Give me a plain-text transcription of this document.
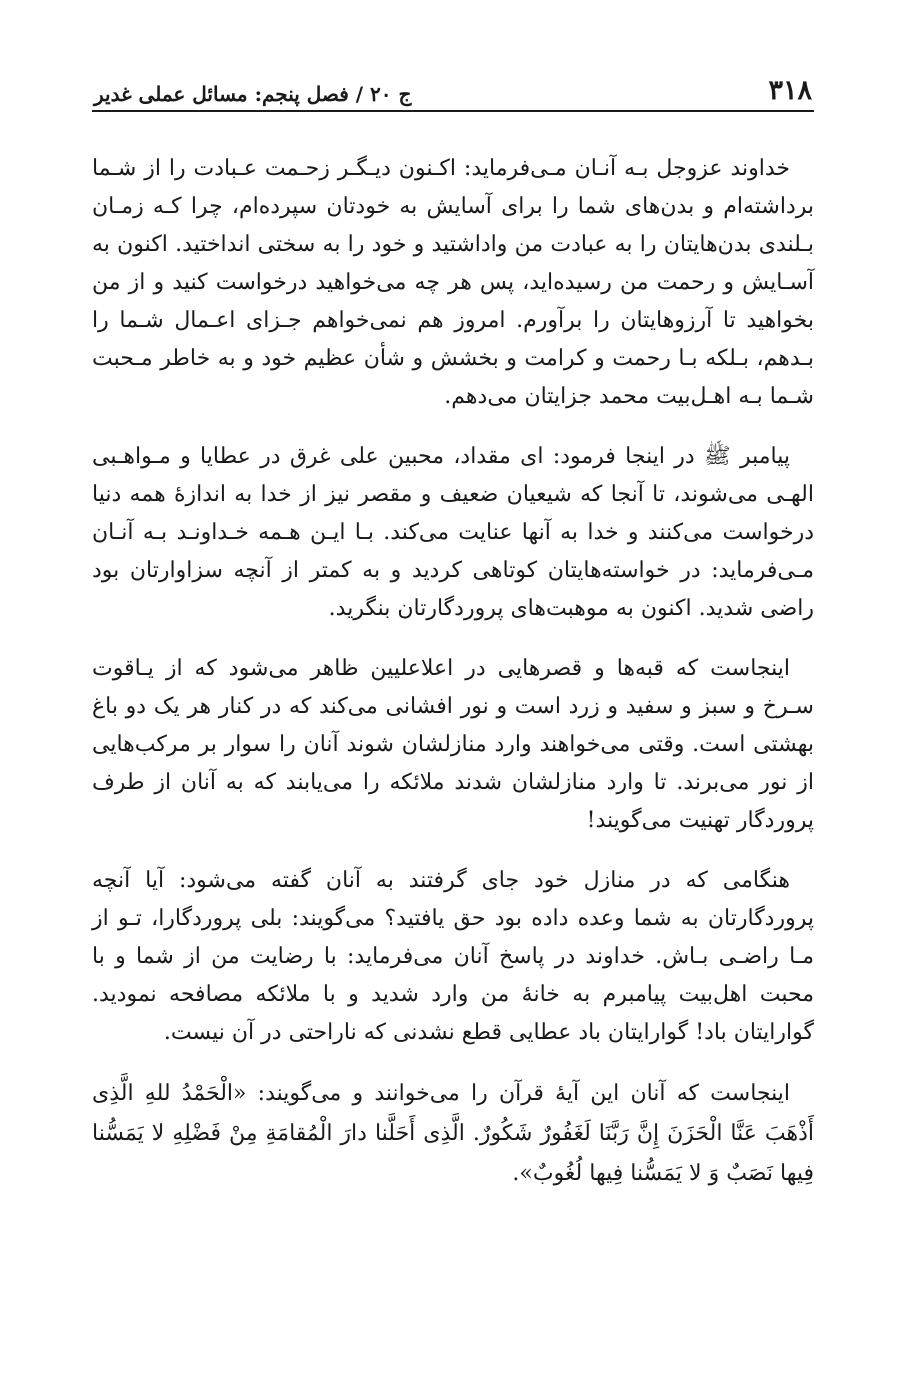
۳۱۸
ج ۲۰ / فصل پنجم: مسائل عملی غدیر

خداوند عزوجل بـه آنـان مـی‌فرماید: اکـنون دیـگـر زحـمت عـبادت را از شـما برداشته‌ام و بدن‌های شما را برای آسایش به خودتان سپرده‌ام، چرا کـه زمـان بـلندی بدن‌هایتان را به عبادت من واداشتید و خود را به سختی انداختید. اکنون به آسـایش و رحمت من رسیده‌اید، پس هر چه می‌خواهید درخواست کنید و از من بخواهید تا آرزوهایتان را برآورم. امروز هم نمی‌خواهم جـزای اعـمال شـما را بـدهم، بـلکه بـا رحمت و کرامت و بخشش و شأن عظیم خود و به خاطر مـحبت شـما بـه اهـل‌بیت محمد جزایتان می‌دهم.

پیامبر ﷺ در اینجا فرمود: ای مقداد، محبین علی غرق در عطایا و مـواهـبی الهـی می‌شوند، تا آنجا که شیعیان ضعیف و مقصر نیز از خدا به اندازۀ همه دنیا درخواست می‌کنند و خدا به آنها عنایت می‌کند. بـا ایـن هـمه خـداونـد بـه آنـان مـی‌فرماید: در خواسته‌هایتان کوتاهی کردید و به کمتر از آنچه سزاوارتان بود راضی شدید. اکنون به موهبت‌های پروردگارتان بنگرید.

اینجاست که قبه‌ها و قصرهایی در اعلاعلیین ظاهر می‌شود که از یـاقوت سـرخ و سبز و سفید و زرد است و نور افشانی می‌کند که در کنار هر یک دو باغ بهشتی است. وقتی می‌خواهند وارد منازلشان شوند آنان را سوار بر مرکب‌هایی از نور می‌برند. تا وارد منازلشان شدند ملائکه را می‌یابند که به آنان از طرف پروردگار تهنیت می‌گویند!

هنگامی که در منازل خود جای گرفتند به آنان گفته می‌شود: آیا آنچه پروردگارتان به شما وعده داده بود حق یافتید؟ می‌گویند: بلی پروردگارا، تـو از مـا راضـی بـاش. خداوند در پاسخ آنان می‌فرماید: با رضایت من از شما و با محبت اهل‌بیت پیامبرم به خانۀ من وارد شدید و با ملائکه مصافحه نمودید. گوارایتان باد! گوارایتان باد عطایی قطع نشدنی که ناراحتی در آن نیست.

اینجاست که آنان این آیۀ قرآن را می‌خوانند و می‌گویند: «الْحَمْدُ للهِ الَّذِی أَذْهَبَ عَنَّا الْحَزَنَ إِنَّ رَبَّنَا لَغَفُورٌ شَکُورٌ. الَّذِی أَحَلَّنا دارَ الْمُقامَةِ مِنْ فَضْلِهِ لا یَمَسُّنا فِیها نَصَبٌ وَ لا یَمَسُّنا فِیها لُغُوبٌ».
